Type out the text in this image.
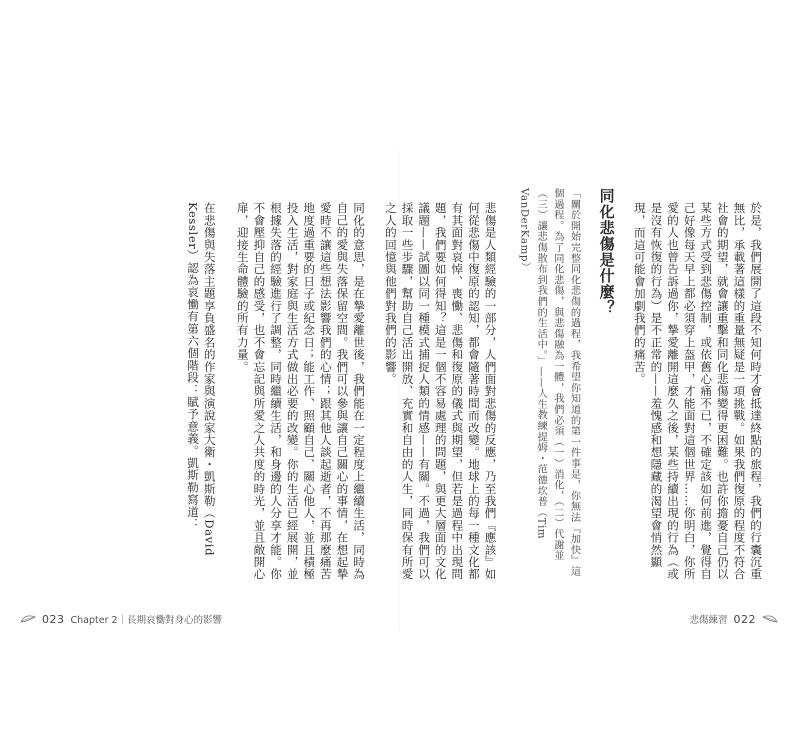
於是，我們展開了這段不知何時才會抵達終點的旅程，我們的行囊沉重無比，承載著這樣的重量無疑是一項挑戰。如果我們復原的程度不符合社會的期望，就會讓重擊和同化悲傷變得更困難。也許你擔憂自己仍以某些方式受到悲傷控制，或依舊心痛不已，不確定該如何前進，覺得自己好像每天早上都必須穿上盔甲，才能面對這個世界……你明白，你所愛的人也曾告訴過你，摯愛離開這麼久之後，某些持續出現的行為（或是沒有恢復的行為）是不正常的——羞愧感和想隱藏的渴望會悄然顯現，而這可能會加劇我們的痛苦。

同化悲傷是什麼？

「關於開始完整同化悲傷的過程，我希望你知道的第一件事是，你無法『加快』這個過程。為了同化悲傷，與悲傷融為一體，我們必須（一）消化，（二）代謝並（三）讓悲傷散布到我們的生活中。」——人生教練提姆・范德坎普（Tim VanDerKamp）

悲傷是人類經驗的一部分，人們面對悲傷的反應，乃至我們『應該』如何從悲傷中復原的認知，都會隨著時間而改變。地球上的每一種文化都有其面對哀悼、喪慟、悲傷和復原的儀式與期望，但若是過程中出現問題，我們要如何得知？這是一個不容易處理的問題，與更大層面的文化議題——試圖以同一種模式捕捉人類的情感——有關。不過，我們可以採取一些步驟，幫助自己活出開放、充實和自由的人生，同時保有所愛之人的回憶與他們對我們的影響。

同化的意思，是在摯愛離世後，我們能在一定程度上繼續生活，同時為自己的愛與失落保留空間。我們可以參與讓自己關心的事情，在想起摯愛時不讓這些想法影響我們的心情；跟其他人談起逝者，不再那麼痛苦地度過重要的日子或紀念日；能工作、照顧自己、關心他人，並且積極投入生活，對家庭與生活方式做出必要的改變。你的生活已經展開，並根據失落的經驗進行了調整，同時繼續生活，和身邊的人分享才能。你不會壓抑自己的感受，也不會忘記與所愛之人共度的時光，並且敞開心扉，迎接生命體驗的所有力量。

在悲傷與失落主題享負盛名的作家與演說家大衛・凱斯勒（David Kessler）認為哀慟有第六個階段：賦予意義。凱斯勒寫道：

023 Chapter 2｜長期哀慟對身心的影響	悲傷練習 022
